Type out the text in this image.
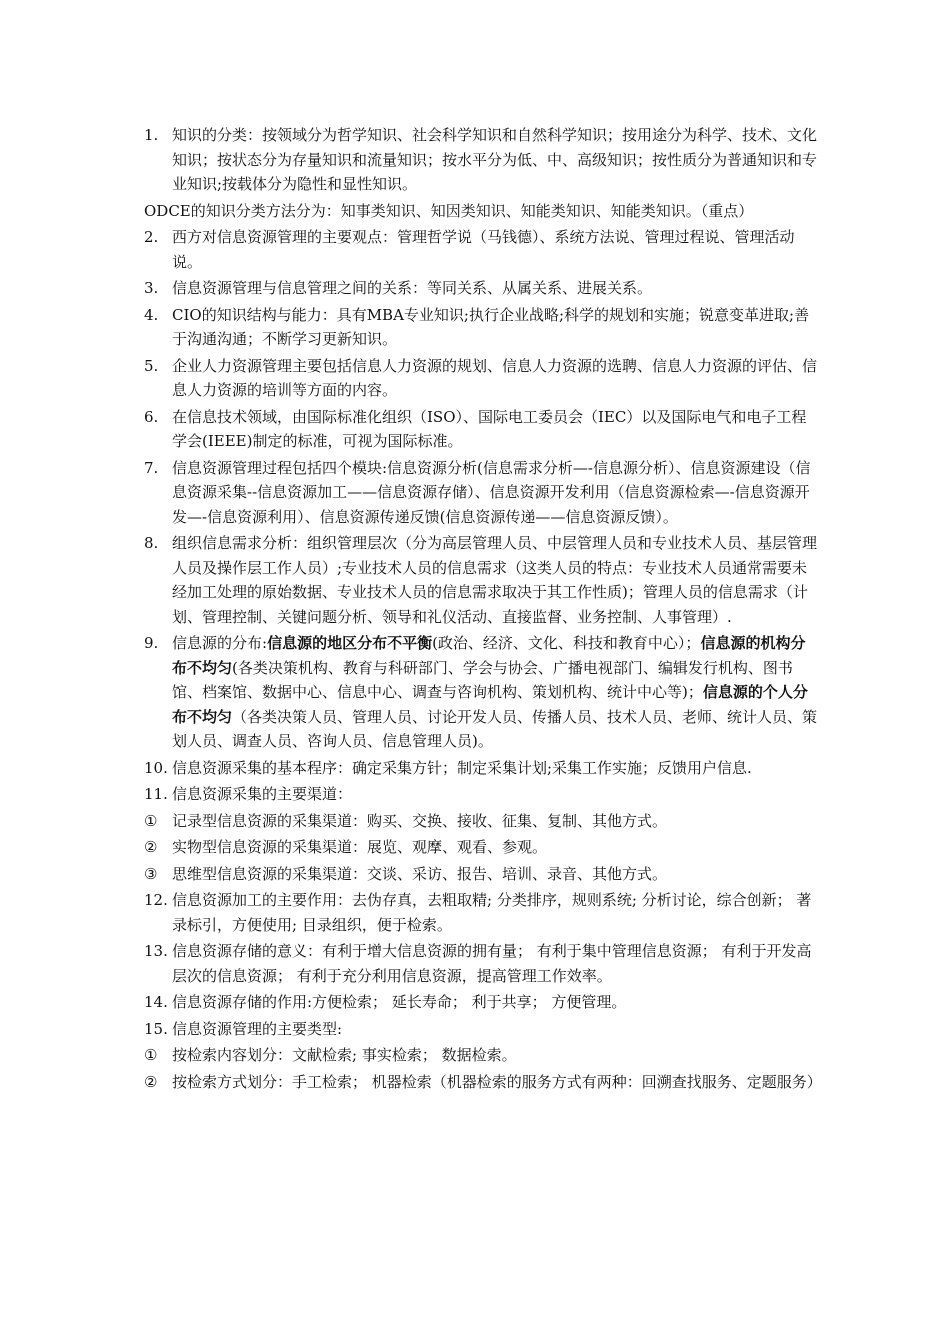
1. 知识的分类：按领域分为哲学知识、社会科学知识和自然科学知识；按用途分为科学、技术、文化知识；按状态分为存量知识和流量知识；按水平分为低、中、高级知识；按性质分为普通知识和专业知识;按载体分为隐性和显性知识。
ODCE的知识分类方法分为：知事类知识、知因类知识、知能类知识、知能类知识。（重点）
2. 西方对信息资源管理的主要观点：管理哲学说（马钱德）、系统方法说、管理过程说、管理活动说。
3. 信息资源管理与信息管理之间的关系：等同关系、从属关系、进展关系。
4. CIO的知识结构与能力：具有MBA专业知识;执行企业战略;科学的规划和实施；锐意变革进取;善于沟通沟通；不断学习更新知识。
5. 企业人力资源管理主要包括信息人力资源的规划、信息人力资源的选聘、信息人力资源的评估、信息人力资源的培训等方面的内容。
6. 在信息技术领域，由国际标准化组织（ISO）、国际电工委员会（IEC）以及国际电气和电子工程学会(IEEE)制定的标准，可视为国际标准。
7. 信息资源管理过程包括四个模块:信息资源分析(信息需求分析—-信息源分析）、信息资源建设（信息资源采集--信息资源加工——信息资源存储）、信息资源开发利用（信息资源检索—-信息资源开发—-信息资源利用）、信息资源传递反馈(信息资源传递——信息资源反馈）。
8. 组织信息需求分析：组织管理层次（分为高层管理人员、中层管理人员和专业技术人员、基层管理人员及操作层工作人员）;专业技术人员的信息需求（这类人员的特点：专业技术人员通常需要未经加工处理的原始数据、专业技术人员的信息需求取决于其工作性质)；管理人员的信息需求（计划、管理控制、关键问题分析、领导和礼仪活动、直接监督、业务控制、人事管理）.
9. 信息源的分布:信息源的地区分布不平衡(政治、经济、文化、科技和教育中心）；信息源的机构分布不均匀(各类决策机构、教育与科研部门、学会与协会、广播电视部门、编辑发行机构、图书馆、档案馆、数据中心、信息中心、调查与咨询机构、策划机构、统计中心等)；信息源的个人分布不均匀（各类决策人员、管理人员、讨论开发人员、传播人员、技术人员、老师、统计人员、策划人员、调查人员、咨询人员、信息管理人员)。
10. 信息资源采集的基本程序：确定采集方针；制定采集计划;采集工作实施；反馈用户信息.
11. 信息资源采集的主要渠道：
① 记录型信息资源的采集渠道：购买、交换、接收、征集、复制、其他方式。
② 实物型信息资源的采集渠道：展览、观摩、观看、参观。
③ 思维型信息资源的采集渠道：交谈、采访、报告、培训、录音、其他方式。
12. 信息资源加工的主要作用：去伪存真，去粗取精; 分类排序，规则系统; 分析讨论，综合创新； 著录标引，方便使用; 目录组织，便于检索。
13. 信息资源存储的意义：有利于增大信息资源的拥有量； 有利于集中管理信息资源； 有利于开发高层次的信息资源； 有利于充分利用信息资源，提高管理工作效率。
14. 信息资源存储的作用:方便检索； 延长寿命； 利于共享； 方便管理。
15. 信息资源管理的主要类型:
① 按检索内容划分：文献检索; 事实检索； 数据检索。
② 按检索方式划分：手工检索； 机器检索（机器检索的服务方式有两种：回溯查找服务、定题服务）
